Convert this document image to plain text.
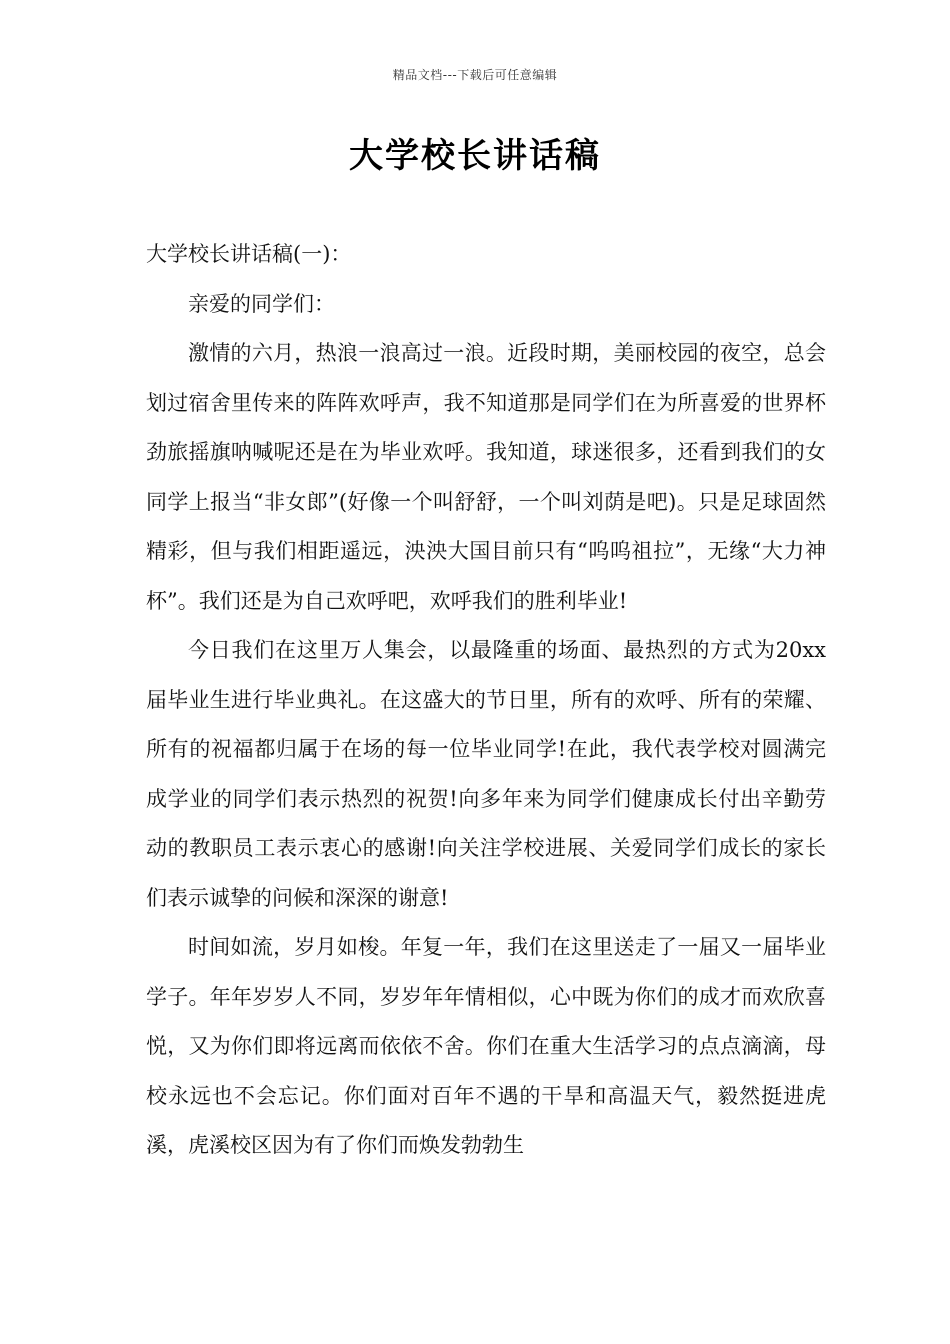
精品文档---下载后可任意编辑
大学校长讲话稿

大学校长讲话稿(一)：

亲爱的同学们：

激情的六月，热浪一浪高过一浪。近段时期，美丽校园的夜空，总会划过宿舍里传来的阵阵欢呼声，我不知道那是同学们在为所喜爱的世界杯劲旅摇旗呐喊呢还是在为毕业欢呼。我知道，球迷很多，还看到我们的女同学上报当“非女郎”(好像一个叫舒舒，一个叫刘荫是吧)。只是足球固然精彩，但与我们相距遥远，泱泱大国目前只有“呜呜祖拉”，无缘“大力神杯”。我们还是为自己欢呼吧，欢呼我们的胜利毕业!

今日我们在这里万人集会，以最隆重的场面、最热烈的方式为20xx届毕业生进行毕业典礼。在这盛大的节日里，所有的欢呼、所有的荣耀、所有的祝福都归属于在场的每一位毕业同学!在此，我代表学校对圆满完成学业的同学们表示热烈的祝贺!向多年来为同学们健康成长付出辛勤劳动的教职员工表示衷心的感谢!向关注学校进展、关爱同学们成长的家长们表示诚挚的问候和深深的谢意!

时间如流，岁月如梭。年复一年，我们在这里送走了一届又一届毕业学子。年年岁岁人不同，岁岁年年情相似，心中既为你们的成才而欢欣喜悦，又为你们即将远离而依依不舍。你们在重大生活学习的点点滴滴，母校永远也不会忘记。你们面对百年不遇的干旱和高温天气，毅然挺进虎溪，虎溪校区因为有了你们而焕发勃勃生
